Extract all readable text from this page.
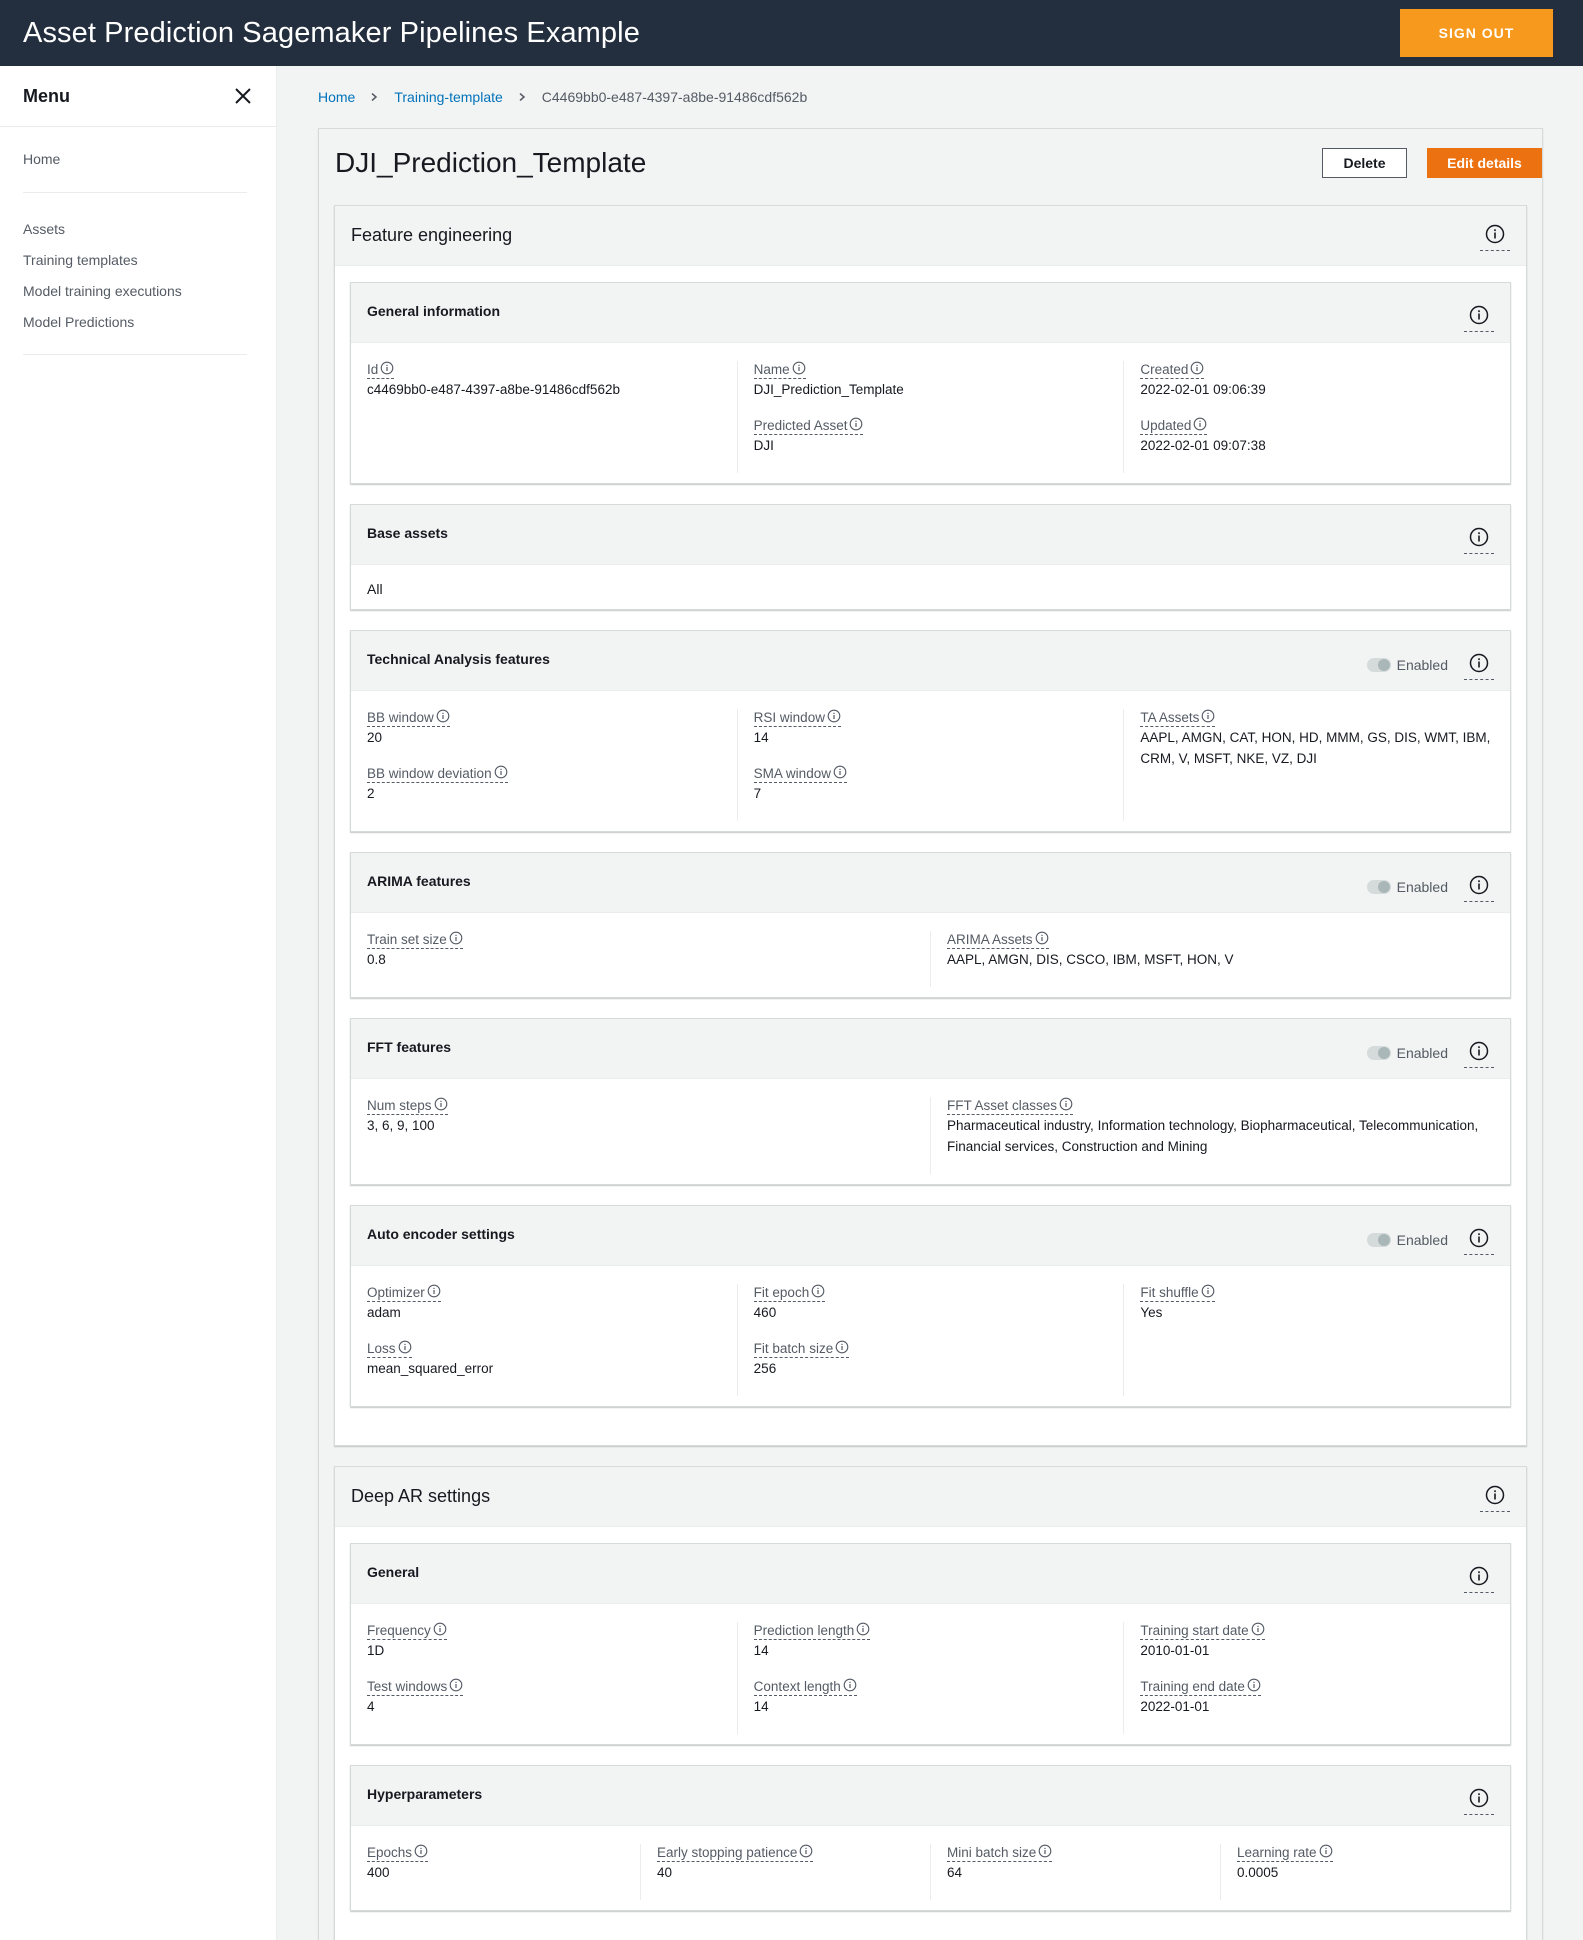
Asset Prediction Sagemaker Pipelines Example	SIGN OUT
Menu
Home
Assets
Training templates
Model training executions
Model Predictions
Home	Training-template	C4469bb0-e487-4397-a8be-91486cdf562b
DJI_Prediction_Template	Delete	Edit details
Feature engineering
General information
Id
c4469bb0-e487-4397-a8be-91486cdf562b
Name
DJI_Prediction_Template
Predicted Asset
DJI
Created
2022-02-01 09:06:39
Updated
2022-02-01 09:07:38
Base assets
All
Technical Analysis features	Enabled
BB window
20
BB window deviation
2
RSI window
14
SMA window
7
TA Assets
AAPL, AMGN, CAT, HON, HD, MMM, GS, DIS, WMT, IBM, CRM, V, MSFT, NKE, VZ, DJI
ARIMA features	Enabled
Train set size
0.8
ARIMA Assets
AAPL, AMGN, DIS, CSCO, IBM, MSFT, HON, V
FFT features	Enabled
Num steps
3, 6, 9, 100
FFT Asset classes
Pharmaceutical industry, Information technology, Biopharmaceutical, Telecommunication, Financial services, Construction and Mining
Auto encoder settings	Enabled
Optimizer
adam
Loss
mean_squared_error
Fit epoch
460
Fit batch size
256
Fit shuffle
Yes
Deep AR settings
General
Frequency
1D
Test windows
4
Prediction length
14
Context length
14
Training start date
2010-01-01
Training end date
2022-01-01
Hyperparameters
Epochs
400
Early stopping patience
40
Mini batch size
64
Learning rate
0.0005
